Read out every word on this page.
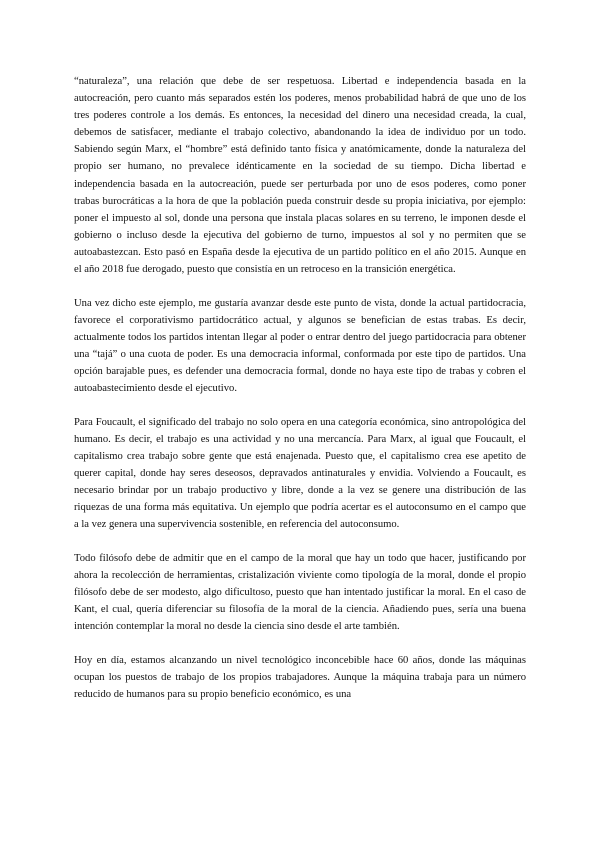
“naturaleza”, una relación que debe de ser respetuosa. Libertad e independencia basada en la autocreación, pero cuanto más separados estén los poderes, menos probabilidad habrá de que uno de los tres poderes controle a los demás. Es entonces, la necesidad del dinero una necesidad creada, la cual, debemos de satisfacer, mediante el trabajo colectivo, abandonando la idea de individuo por un todo. Sabiendo según Marx, el “hombre” está definido tanto física y anatómicamente, donde la naturaleza del propio ser humano, no prevalece idénticamente en la sociedad de su tiempo. Dicha libertad e independencia basada en la autocreación, puede ser perturbada por uno de esos poderes, como poner trabas burocráticas a la hora de que la población pueda construir desde su propia iniciativa, por ejemplo: poner el impuesto al sol, donde una persona que instala placas solares en su terreno, le imponen desde el gobierno o incluso desde la ejecutiva del gobierno de turno, impuestos al sol y no permiten que se autoabastezcan. Esto pasó en España desde la ejecutiva de un partido político en el año 2015. Aunque en el año 2018 fue derogado, puesto que consistía en un retroceso en la transición energética.

Una vez dicho este ejemplo, me gustaría avanzar desde este punto de vista, donde la actual partidocracia, favorece el corporativismo partidocrático actual, y algunos se benefician de estas trabas. Es decir, actualmente todos los partidos intentan llegar al poder o entrar dentro del juego partidocracia para obtener una “tajá” o una cuota de poder. Es una democracia informal, conformada por este tipo de partidos. Una opción barajable pues, es defender una democracia formal, donde no haya este tipo de trabas y cobren el autoabastecimiento desde el ejecutivo.

Para Foucault, el significado del trabajo no solo opera en una categoría económica, sino antropológica del humano. Es decir, el trabajo es una actividad y no una mercancía. Para Marx, al igual que Foucault, el capitalismo crea trabajo sobre gente que está enajenada. Puesto que, el capitalismo crea ese apetito de querer capital, donde hay seres deseosos, depravados antinaturales y envidia. Volviendo a Foucault, es necesario brindar por un trabajo productivo y libre, donde a la vez se genere una distribución de las riquezas de una forma más equitativa. Un ejemplo que podría acertar es el autoconsumo en el campo que a la vez genera una supervivencia sostenible, en referencia del autoconsumo.

Todo filósofo debe de admitir que en el campo de la moral que hay un todo que hacer, justificando por ahora la recolección de herramientas, cristalización viviente como tipología de la moral, donde el propio filósofo debe de ser modesto, algo dificultoso, puesto que han intentado justificar la moral. En el caso de Kant, el cual, quería diferenciar su filosofía de la moral de la ciencia. Añadiendo pues, sería una buena intención contemplar la moral no desde la ciencia sino desde el arte también.

Hoy en día, estamos alcanzando un nivel tecnológico inconcebible hace 60 años, donde las máquinas ocupan los puestos de trabajo de los propios trabajadores. Aunque la máquina trabaja para un número reducido de humanos para su propio beneficio económico, es una
